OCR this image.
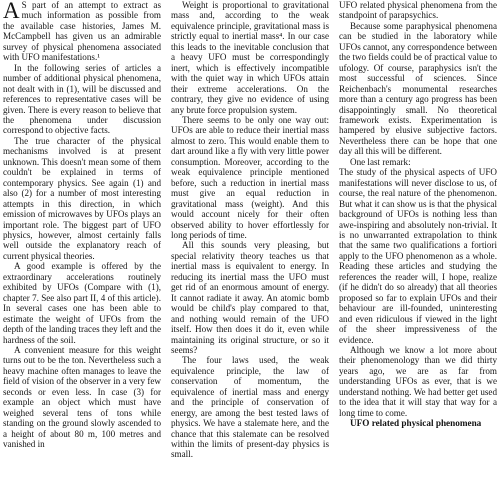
A S part of an attempt to extract as much information as possible from the available case histories, James M. McCampbell has given us an admirable survey of physical phenomena associated with UFO manifestations.¹

In the following series of articles a number of additional physical phenomena, not dealt with in (1), will be discussed and references to representative cases will be given. There is every reason to believe that the phenomena under discussion correspond to objective facts.

The true character of the physical mechanisms involved is at present unknown. This doesn't mean some of them couldn't be explained in terms of contemporary physics. See again (1) and also (2) for a number of most interesting attempts in this direction, in which emission of microwaves by UFOs plays an important role. The biggest part of UFO physics, however, almost certainly falls well outside the explanatory reach of current physical theories.

A good example is offered by the extraordinary accelerations routinely exhibited by UFOs (Compare with (1), chapter 7. See also part II, 4 of this article). In several cases one has been able to estimate the weight of UFOs from the depth of the landing traces they left and the hardness of the soil.

A convenient measure for this weight turns out to be the ton. Nevertheless such a heavy machine often manages to leave the field of vision of the observer in a very few seconds or even less. In case (3) for example an object which must have weighed several tens of tons while standing on the ground slowly ascended to a height of about 80 m, 100 metres and vanished in

Weight is proportional to gravitational mass and, according to the weak equivalence principle, gravitational mass is strictly equal to inertial mass⁴. In our case this leads to the inevitable conclusion that a heavy UFO must be correspondingly inert, which is effectively incompatible with the quiet way in which UFOs attain their extreme accelerations. On the contrary, they give no evidence of using any brute force propulsion system.

There seems to be only one way out: UFOs are able to reduce their inertial mass almost to zero. This would enable them to dart around like a fly with very little power consumption. Moreover, according to the weak equivalence principle mentioned before, such a reduction in inertial mass must give an equal reduction in gravitational mass (weight). And this would account nicely for their often observed ability to hover effortlessly for long periods of time.

All this sounds very pleasing, but special relativity theory teaches us that inertial mass is equivalent to energy. In reducing its inertial mass the UFO must get rid of an enormous amount of energy. It cannot radiate it away. An atomic bomb would be child's play compared to that, and nothing would remain of the UFO itself. How then does it do it, even while maintaining its original structure, or so it seems?

The four laws used, the weak equivalence principle, the law of conservation of momentum, the equivalence of inertial mass and energy and the principle of conservation of energy, are among the best tested laws of physics. We have a stalemate here, and the chance that this stalemate can be resolved within the limits of present-day physics is small.

UFO related physical phenomena from the standpoint of parapsychics.

Because some paraphysical phenomena can be studied in the laboratory while UFOs cannot, any correspondence between the two fields could be of practical value to ufology. Of course, paraphysics isn't the most successful of sciences. Since Reichenbach's monumental researches more than a century ago progress has been disappointingly small. No theoretical framework exists. Experimentation is hampered by elusive subjective factors. Nevertheless there can be hope that one day all this will be different.

One last remark:

The study of the physical aspects of UFO manifestations will never disclose to us, of course, the real nature of the phenomenon. But what it can show us is that the physical background of UFOs is nothing less than awe-inspiring and absolutely non-trivial. It is no unwarranted extrapolation to think that the same two qualifications a fortiori apply to the UFO phenomenon as a whole. Reading these articles and studying the references the reader will, I hope, realize (if he didn't do so already) that all theories proposed so far to explain UFOs and their behaviour are ill-founded, uninteresting and even ridiculous if viewed in the light of the sheer impressiveness of the evidence.

Although we know a lot more about their phenomenology than we did thirty years ago, we are as far from understanding UFOs as ever, that is we understand nothing. We had better get used to the idea that it will stay that way for a long time to come.

UFO related physical phenomena
